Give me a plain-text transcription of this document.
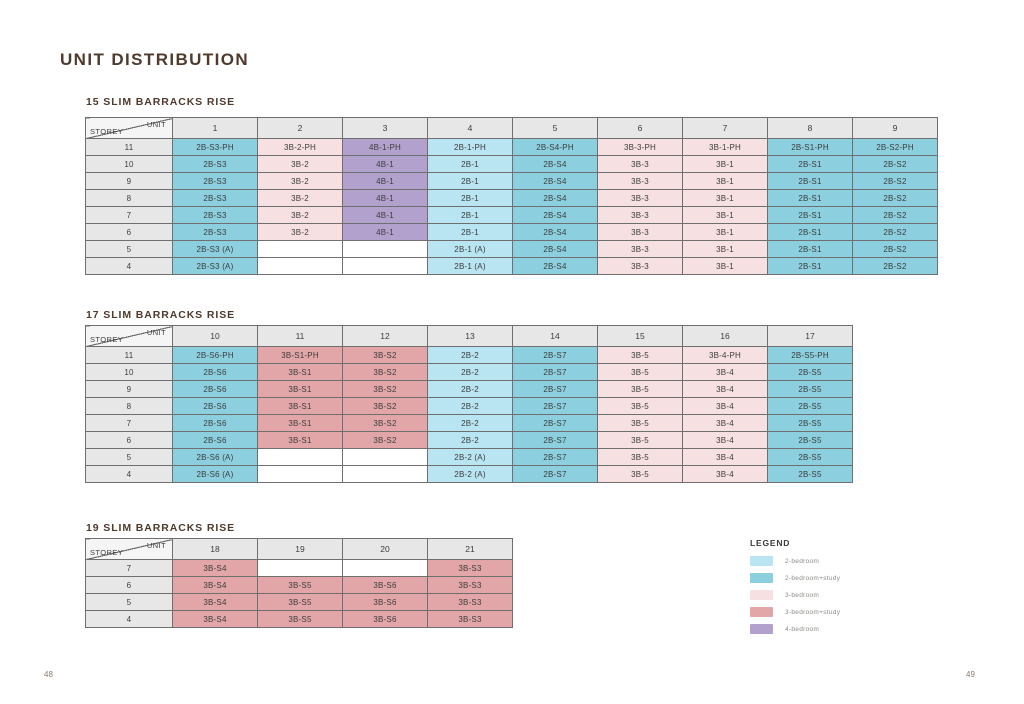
UNIT DISTRIBUTION
15 SLIM BARRACKS RISE
UNIT
STOREY	1	2	3	4	5	6	7	8	9
11	2B-S3-PH	3B-2-PH	4B-1-PH	2B-1-PH	2B-S4-PH	3B-3-PH	3B-1-PH	2B-S1-PH	2B-S2-PH
10	2B-S3	3B-2	4B-1	2B-1	2B-S4	3B-3	3B-1	2B-S1	2B-S2
9	2B-S3	3B-2	4B-1	2B-1	2B-S4	3B-3	3B-1	2B-S1	2B-S2
8	2B-S3	3B-2	4B-1	2B-1	2B-S4	3B-3	3B-1	2B-S1	2B-S2
7	2B-S3	3B-2	4B-1	2B-1	2B-S4	3B-3	3B-1	2B-S1	2B-S2
6	2B-S3	3B-2	4B-1	2B-1	2B-S4	3B-3	3B-1	2B-S1	2B-S2
5	2B-S3 (A)			2B-1 (A)	2B-S4	3B-3	3B-1	2B-S1	2B-S2
4	2B-S3 (A)			2B-1 (A)	2B-S4	3B-3	3B-1	2B-S1	2B-S2
17 SLIM BARRACKS RISE
UNIT
STOREY	10	11	12	13	14	15	16	17
11	2B-S6-PH	3B-S1-PH	3B-S2	2B-2	2B-S7	3B-5	3B-4-PH	2B-S5-PH
10	2B-S6	3B-S1	3B-S2	2B-2	2B-S7	3B-5	3B-4	2B-S5
9	2B-S6	3B-S1	3B-S2	2B-2	2B-S7	3B-5	3B-4	2B-S5
8	2B-S6	3B-S1	3B-S2	2B-2	2B-S7	3B-5	3B-4	2B-S5
7	2B-S6	3B-S1	3B-S2	2B-2	2B-S7	3B-5	3B-4	2B-S5
6	2B-S6	3B-S1	3B-S2	2B-2	2B-S7	3B-5	3B-4	2B-S5
5	2B-S6 (A)			2B-2 (A)	2B-S7	3B-5	3B-4	2B-S5
4	2B-S6 (A)			2B-2 (A)	2B-S7	3B-5	3B-4	2B-S5
19 SLIM BARRACKS RISE
UNIT
STOREY	18	19	20	21
7	3B-S4			3B-S3
6	3B-S4	3B-S5	3B-S6	3B-S3
5	3B-S4	3B-S5	3B-S6	3B-S3
4	3B-S4	3B-S5	3B-S6	3B-S3
LEGEND
2-bedroom
2-bedroom+study
3-bedroom
3-bedroom+study
4-bedroom
48	49
